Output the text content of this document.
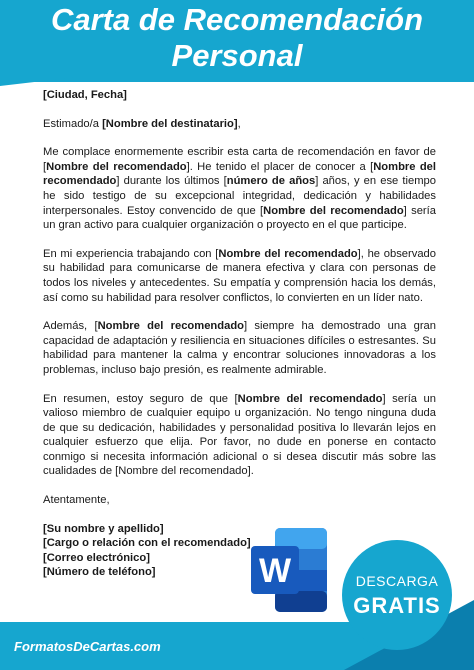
Carta de Recomendación
Personal

[Ciudad, Fecha]

Estimado/a [Nombre del destinatario],

Me complace enormemente escribir esta carta de recomendación en favor de [Nombre del recomendado]. He tenido el placer de conocer a [Nombre del recomendado] durante los últimos [número de años] años, y en ese tiempo he sido testigo de su excepcional integridad, dedicación y habilidades interpersonales. Estoy convencido de que [Nombre del recomendado] sería un gran activo para cualquier organización o proyecto en el que participe.

En mi experiencia trabajando con [Nombre del recomendado], he observado su habilidad para comunicarse de manera efectiva y clara con personas de todos los niveles y antecedentes. Su empatía y comprensión hacia los demás, así como su habilidad para resolver conflictos, lo convierten en un líder nato.

Además, [Nombre del recomendado] siempre ha demostrado una gran capacidad de adaptación y resiliencia en situaciones difíciles o estresantes. Su habilidad para mantener la calma y encontrar soluciones innovadoras a los problemas, incluso bajo presión, es realmente admirable.

En resumen, estoy seguro de que [Nombre del recomendado] sería un valioso miembro de cualquier equipo u organización. No tengo ninguna duda de que su dedicación, habilidades y personalidad positiva lo llevarán lejos en cualquier esfuerzo que elija. Por favor, no dude en ponerse en contacto conmigo si necesita información adicional o si desea discutir más sobre las cualidades de [Nombre del recomendado].

Atentamente,

[Su nombre y apellido]

[Cargo o relación con el recomendado]

[Correo electrónico]

[Número de teléfono]

FormatosDeCartas.com
W	DESCARGA
GRATIS
